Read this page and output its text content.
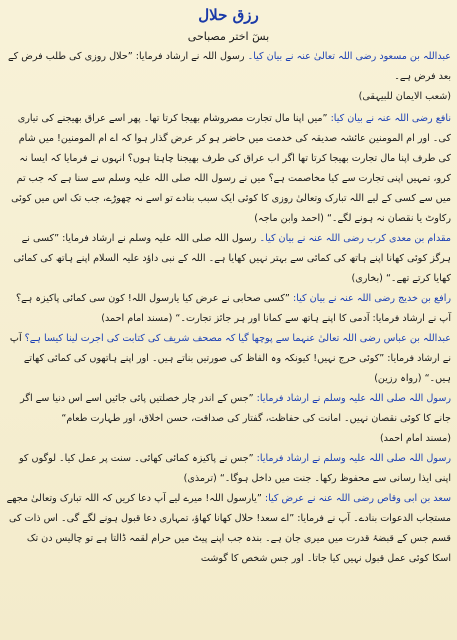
رزق حلال
بسٓ اختر مصباحی

عبداللہ بن مسعود رضی اللہ تعالیٰ عنہ نے بیان کیا۔ رسول اللہ نے ارشاد فرمایا: ”حلال روزی کی طلب فرض کے بعد فرض ہے۔

(شعب الایمان للبیہقی)

نافع رضی اللہ عنہ نے بیان کیا: ”میں اپنا مال تجارت مصروشام بھیجا کرتا تھا۔ پھر اسے عراق بھیجنے کی تیاری کی۔ اور ام المومنین عائشہ صدیقہ کی خدمت میں حاضر ہو کر عرض گذار ہوا کہ اے ام المومنین! میں شام کی طرف اپنا مال تجارت بھیجا کرتا تھا اگر اب عراق کی طرف بھیجنا چاہتا ہوں؟ انہوں نے فرمایا کہ ایسا نہ کرو، تمہیں اپنی تجارت سے کیا مخاصمت ہے؟ میں نے رسول اللہ صلی اللہ علیہ وسلم سے سنا ہے کہ جب تم میں سے کسی کے لیے اللہ تبارک وتعالیٰ روزی کا کوئی ایک سبب بنادے تو اسے نہ چھوڑے، جب تک اس میں کوئی رکاوٹ یا نقصان نہ ہونے لگے۔“ (احمد وابن ماجہ)

مقدام بن معدی کرب رضی اللہ عنہ نے بیان کیا۔ رسول اللہ صلی اللہ علیہ وسلم نے ارشاد فرمایا: ”کسی نے ہرگز کوئی کھانا اپنے ہاتھ کی کمائی سے بہتر نہیں کھایا ہے۔ اللہ کے نبی داؤد علیہ السلام اپنے ہاتھ کی کمائی کھایا کرتے تھے۔“ (بخاری)

رافع بن خدیج رضی اللہ عنہ نے بیان کیا: ”کسی صحابی نے عرض کیا یارسول اللہ! کون سی کمائی پاکیزہ ہے؟ آپ نے ارشاد فرمایا: آدمی کا اپنے ہاتھ سے کمانا اور ہر جائز تجارت۔“ (مسند امام احمد)

عبداللہ بن عباس رضی اللہ تعالیٰ عنہما سے پوچھا گیا کہ مصحف شریف کی کتابت کی اجرت لینا کیسا ہے؟ آپ نے ارشاد فرمایا: ”کوئی حرج نہیں! کیونکہ وہ الفاظ کی صورتیں بناتے ہیں۔ اور اپنے ہاتھوں کی کمائی کھاتے ہیں۔“ (رواہ رزین)

رسول اللہ صلی اللہ علیہ وسلم نے ارشاد فرمایا: ”جس کے اندر چار خصلتیں پائی جائیں اسے اس دنیا سے اگر جانے کا کوئی نقصان نہیں۔ امانت کی حفاظت، گفتار کی صداقت، حسن اخلاق، اور طہارت طعام“ (مسند امام احمد)

رسول اللہ صلی اللہ علیہ وسلم نے ارشاد فرمایا: ”جس نے پاکیزہ کمائی کھائی۔ سنت پر عمل کیا۔ لوگوں کو اپنی ایذا رسانی سے محفوظ رکھا۔ جنت میں داخل ہوگا۔“ (ترمذی)

سعد بن ابی وقاص رضی اللہ عنہ نے عرض کیا: ”یارسول اللہ! میرے لیے آپ دعا کریں کہ اللہ تبارک وتعالیٰ مجھے مستجاب الدعوات بنادے۔ آپ نے فرمایا: ”اے سعد! حلال کھانا کھاؤ، تمہاری دعا قبول ہونے لگے گی۔ اس ذات کی قسم جس کے قبضۂ قدرت میں میری جان ہے۔ بندہ جب اپنے پیٹ میں حرام لقمہ ڈالتا ہے تو چالیس دن تک اسکا کوئی عمل قبول نہیں کیا جاتا۔ اور جس شخص کا گوشت
